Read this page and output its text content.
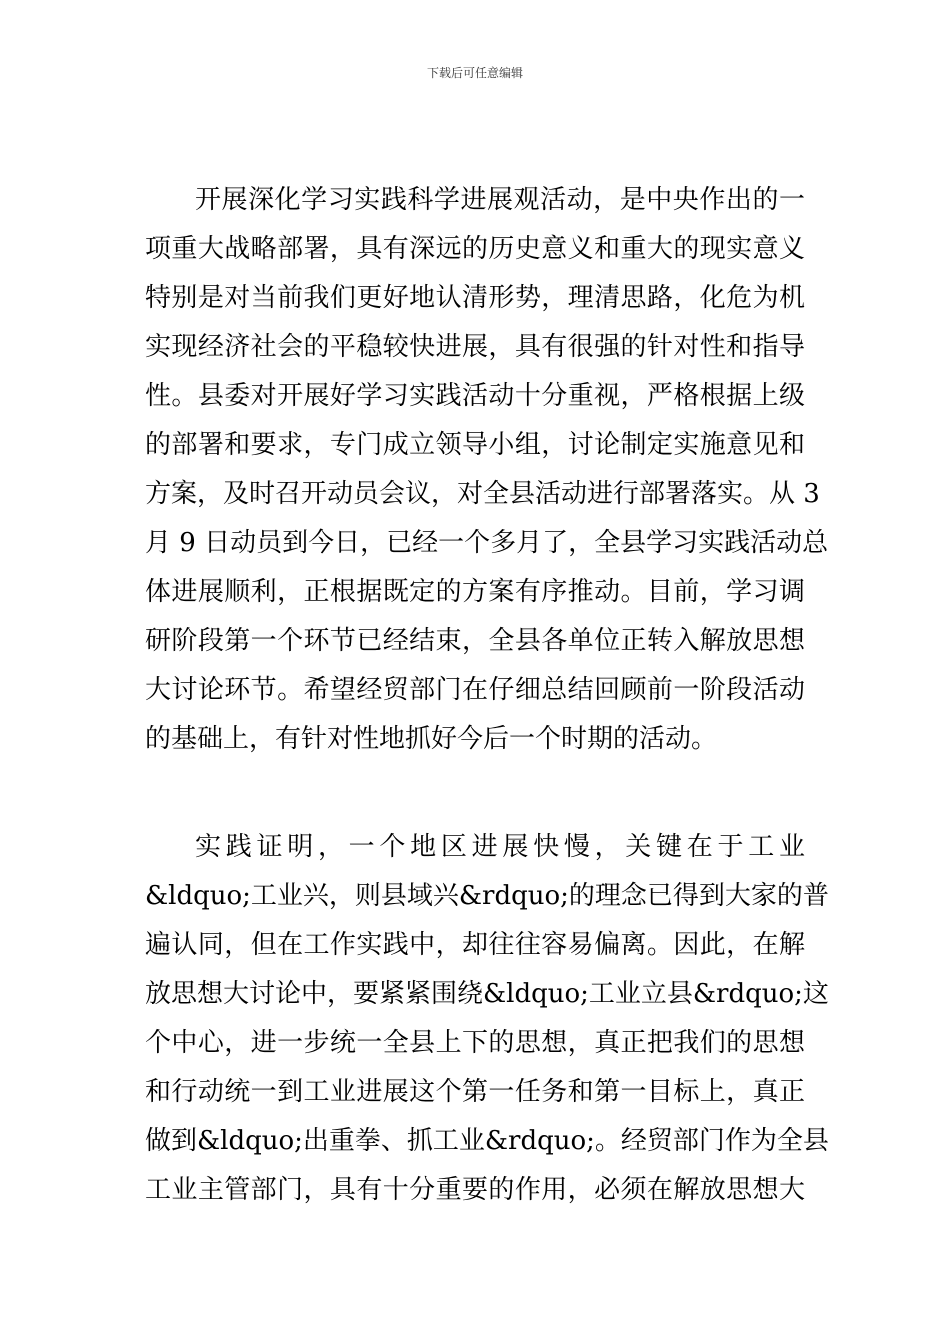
下载后可任意编辑
开展深化学习实践科学进展观活动，是中央作出的一
项重大战略部署，具有深远的历史意义和重大的现实意义
特别是对当前我们更好地认清形势，理清思路，化危为机
实现经济社会的平稳较快进展，具有很强的针对性和指导
性。县委对开展好学习实践活动十分重视，严格根据上级
的部署和要求，专门成立领导小组，讨论制定实施意见和
方案，及时召开动员会议，对全县活动进行部署落实。从 3
月 9 日动员到今日，已经一个多月了，全县学习实践活动总
体进展顺利，正根据既定的方案有序推动。目前，学习调
研阶段第一个环节已经结束，全县各单位正转入解放思想
大讨论环节。希望经贸部门在仔细总结回顾前一阶段活动
的基础上，有针对性地抓好今后一个时期的活动。
实践证明，一个地区进展快慢，关键在于工业
&ldquo;工业兴，则县域兴&rdquo;的理念已得到大家的普
遍认同，但在工作实践中，却往往容易偏离。因此，在解
放思想大讨论中，要紧紧围绕&ldquo;工业立县&rdquo;这
个中心，进一步统一全县上下的思想，真正把我们的思想
和行动统一到工业进展这个第一任务和第一目标上，真正
做到&ldquo;出重拳、抓工业&rdquo;。经贸部门作为全县
工业主管部门，具有十分重要的作用，必须在解放思想大
